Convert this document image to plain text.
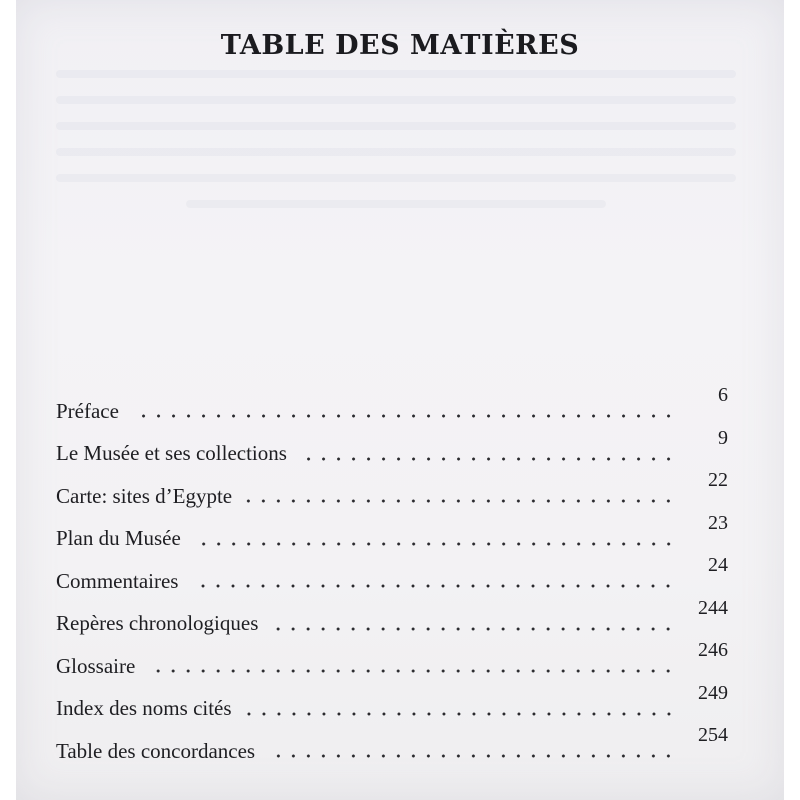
TABLE DES MATIÈRES
Préface
6
Le Musée et ses collections
9
Carte: sites d’Egypte
22
Plan du Musée
23
Commentaires
24
Repères chronologiques
244
Glossaire
246
Index des noms cités
249
Table des concordances
254
